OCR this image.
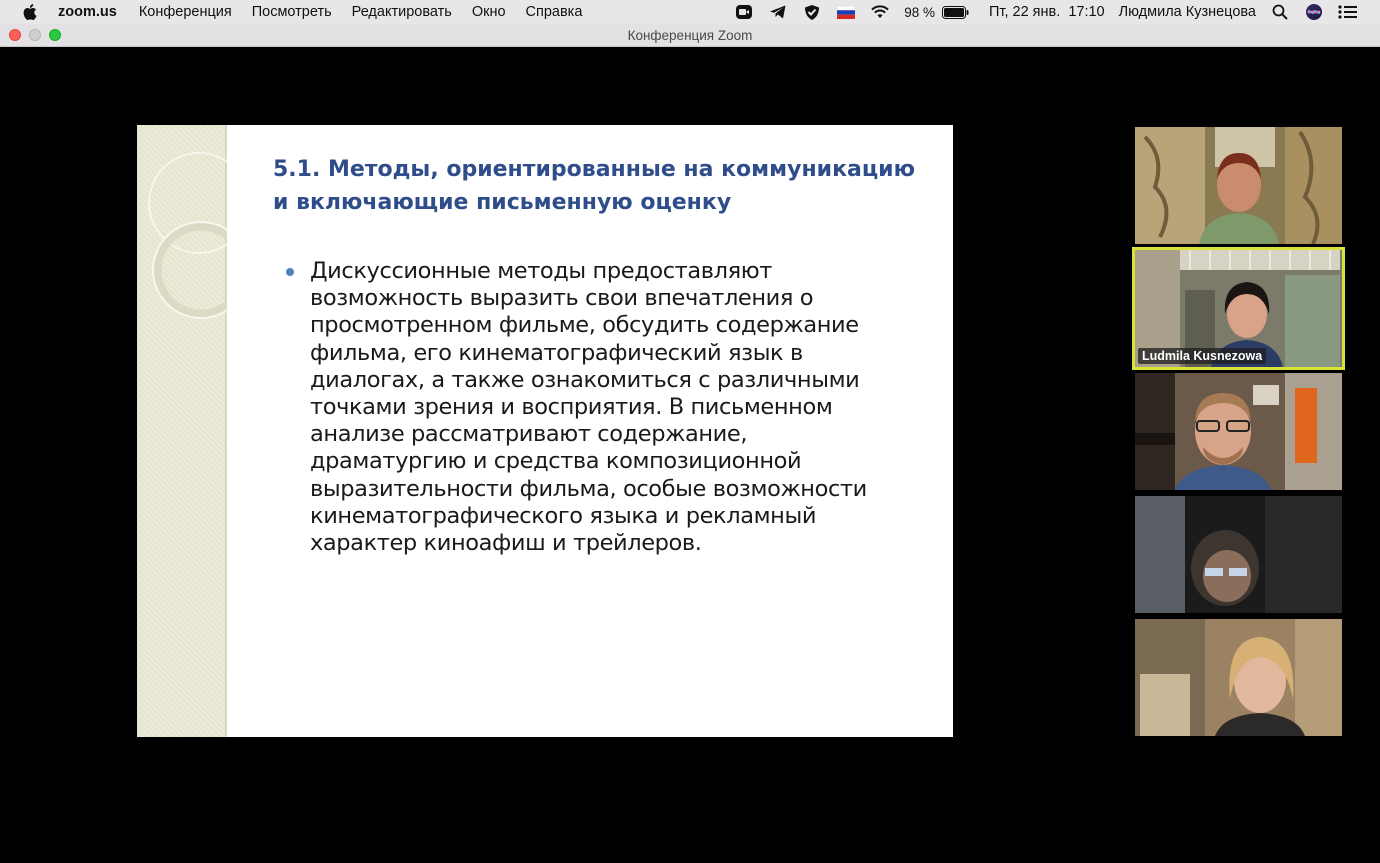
zoom.us Конференция Посмотреть Редактировать Окно Справка	98 %	Пт, 22 янв.  17:10 Людмила Кузнецова
Конференция Zoom
5.1. Методы, ориентированные на коммуникацию и включающие письменную оценку
Дискуссионные методы предоставляют возможность выразить свои впечатления о просмотренном фильме, обсудить содержание фильма, его кинематографический язык в диалогах, а также ознакомиться с различными точками зрения и восприятия. В письменном анализе рассматривают содержание, драматургию и средства композиционной выразительности фильма, особые возможности кинематографического языка и рекламный характер киноафиш и трейлеров.
Ludmila Kusnezowa
